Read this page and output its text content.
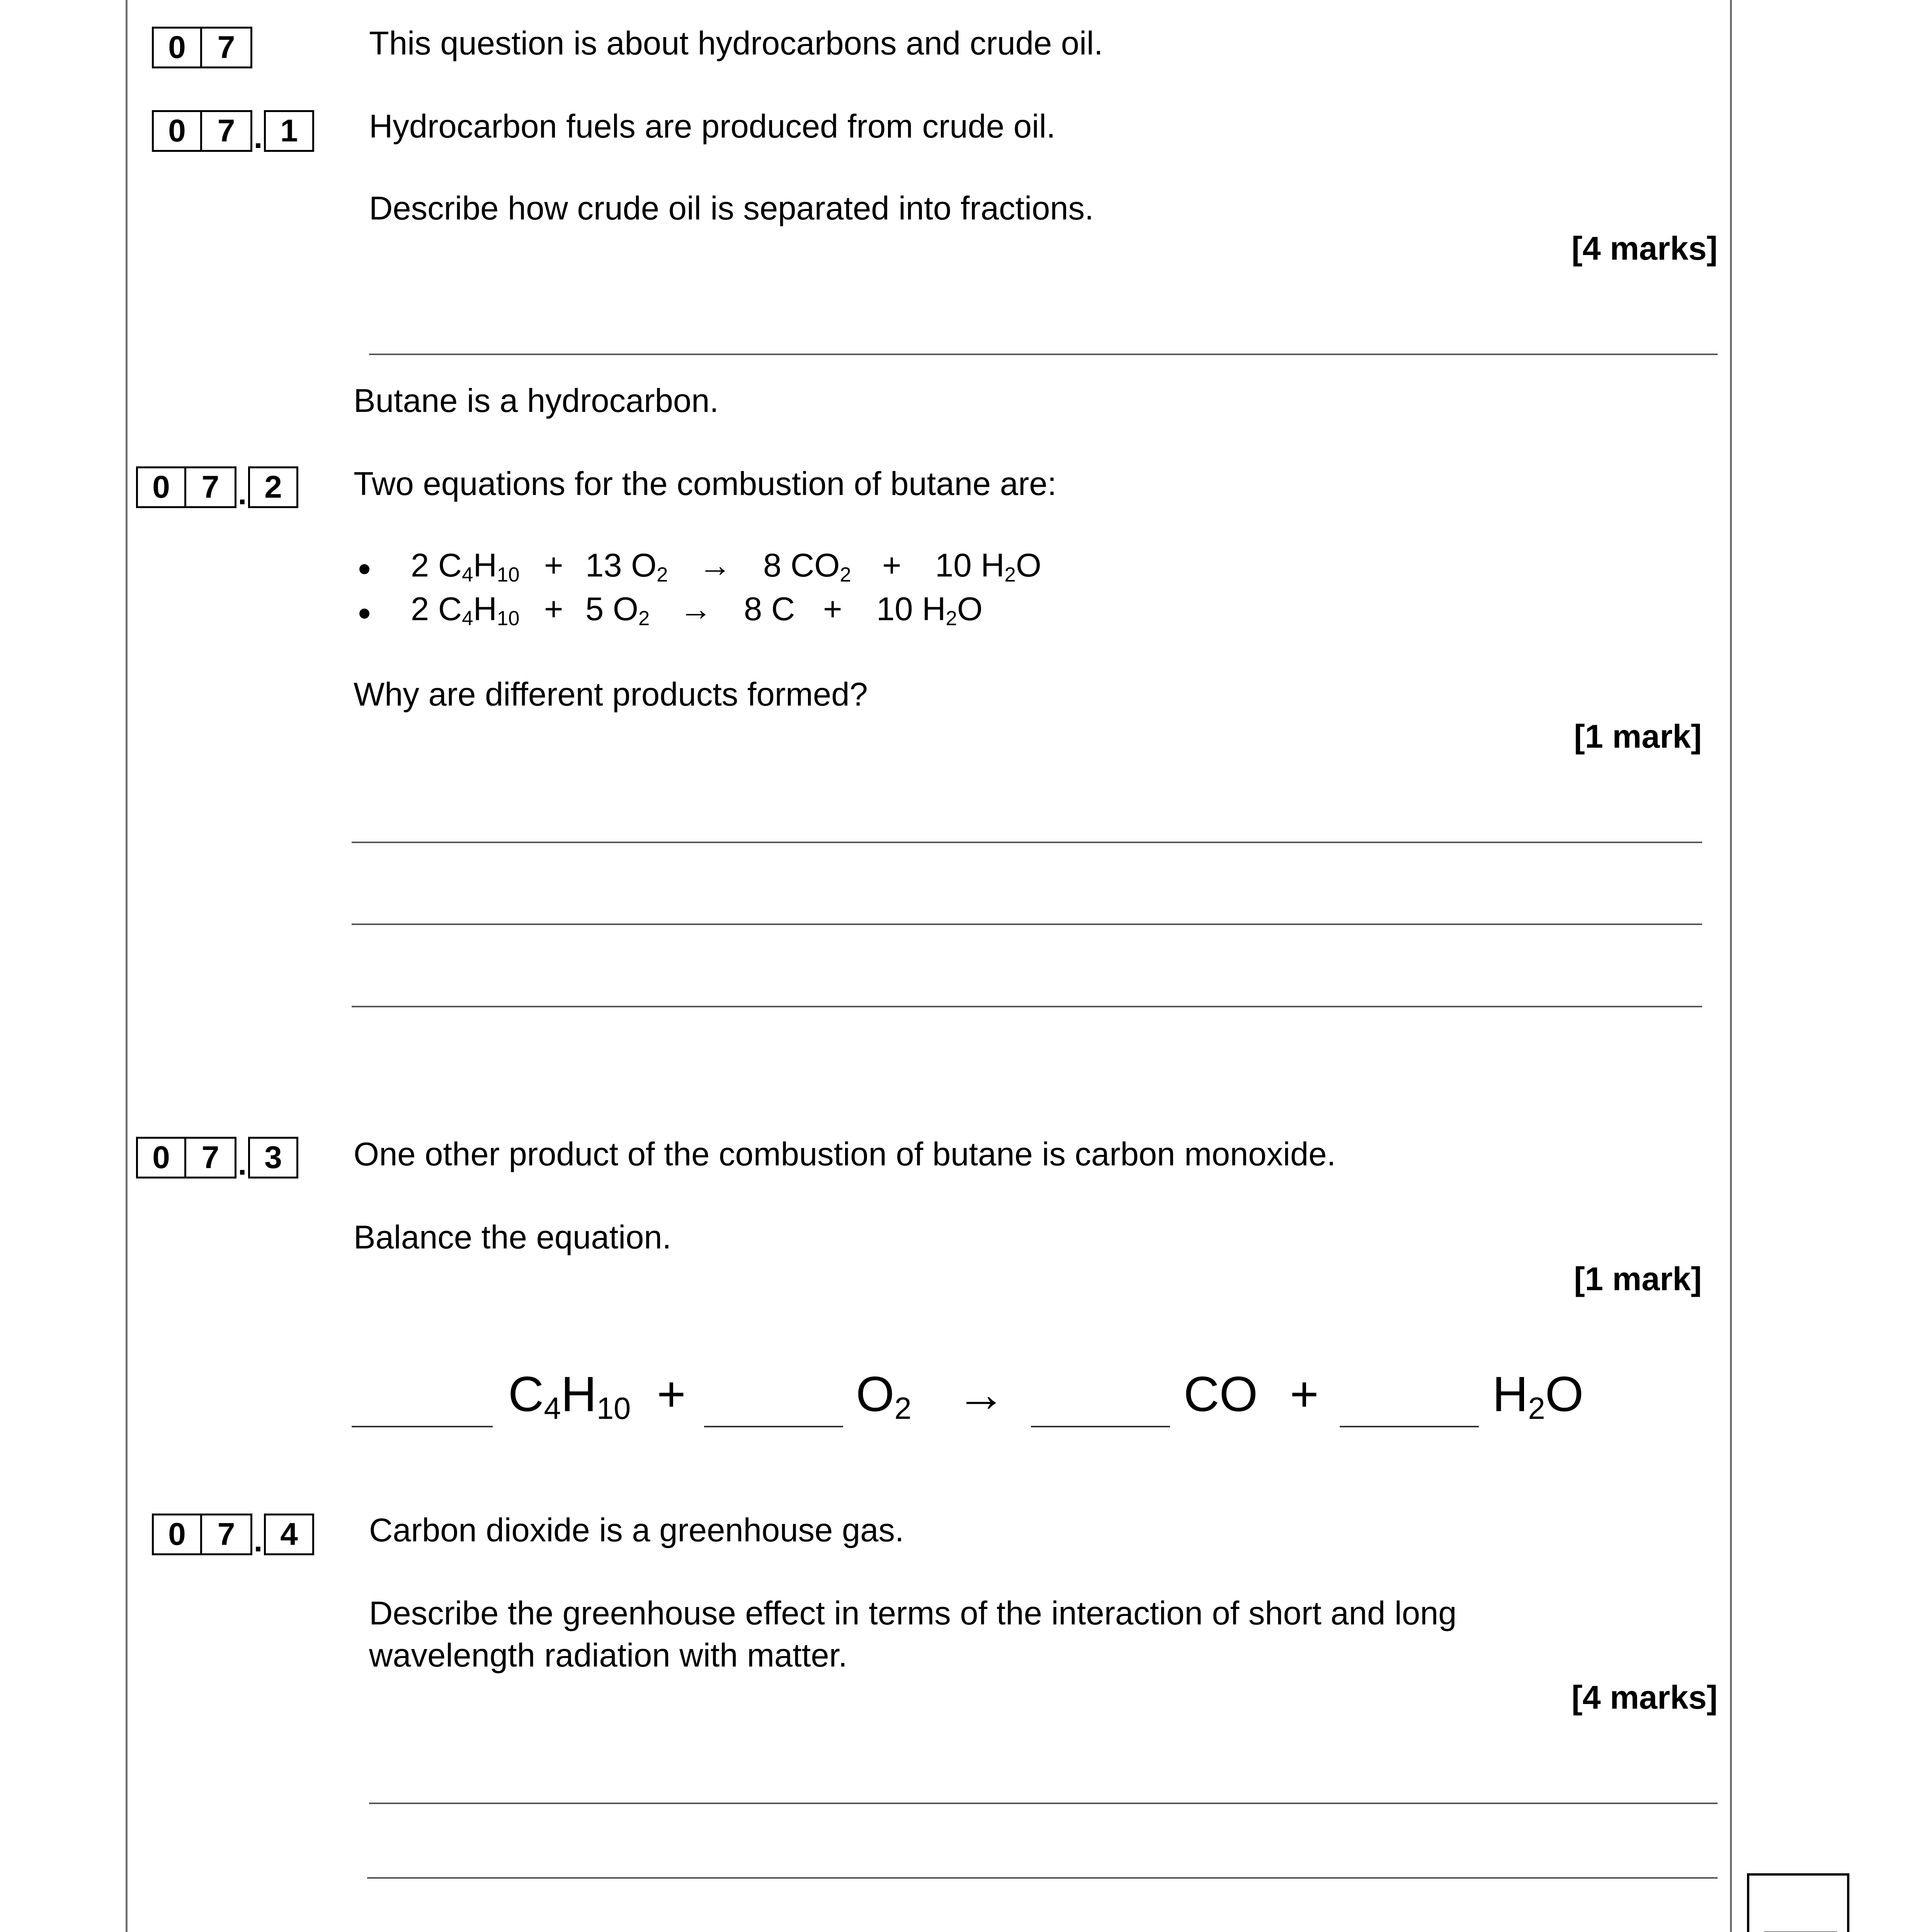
0 7	This question is about hydrocarbons and crude oil.
0 7 . 1	Hydrocarbon fuels are produced from crude oil.
Describe how crude oil is separated into fractions.
[4 marks]
Butane is a hydrocarbon.
0 7 . 2	Two equations for the combustion of butane are:
2 $C_4H_{10} + 13$ $O_2 \to 8$ $CO_2 + 10$ $H_2O$
2 $C_4H_{10} + 5$ $O_2 \to 8$ C + 10 $H_2O$
Why are different products formed?
[1 mark]
0 7 . 3	One other product of the combustion of butane is carbon monoxide.
Balance the equation.
[1 mark]
$C_4H_{10}$ +	$O_2$ →	CO +	$H_2O$
0 7 . 4	Carbon dioxide is a greenhouse gas.
Describe the greenhouse effect in terms of the interaction of short and long
wavelength radiation with matter.
[4 marks]
